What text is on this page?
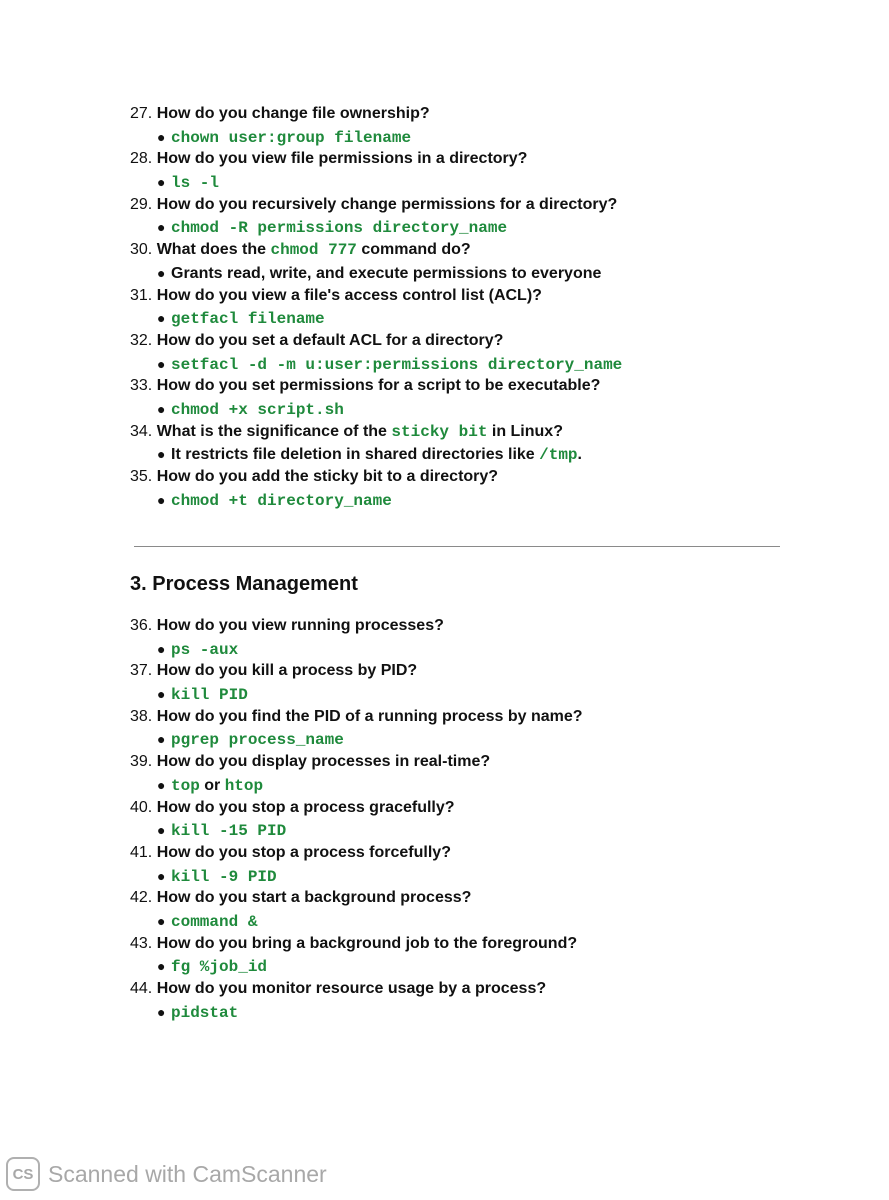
27. How do you change file ownership?
● chown user:group filename
28. How do you view file permissions in a directory?
● ls -l
29. How do you recursively change permissions for a directory?
● chmod -R permissions directory_name
30. What does the chmod 777 command do?
● Grants read, write, and execute permissions to everyone
31. How do you view a file's access control list (ACL)?
● getfacl filename
32. How do you set a default ACL for a directory?
● setfacl -d -m u:user:permissions directory_name
33. How do you set permissions for a script to be executable?
● chmod +x script.sh
34. What is the significance of the sticky bit in Linux?
● It restricts file deletion in shared directories like /tmp.
35. How do you add the sticky bit to a directory?
● chmod +t directory_name
3. Process Management
36. How do you view running processes?
● ps -aux
37. How do you kill a process by PID?
● kill PID
38. How do you find the PID of a running process by name?
● pgrep process_name
39. How do you display processes in real-time?
● top or htop
40. How do you stop a process gracefully?
● kill -15 PID
41. How do you stop a process forcefully?
● kill -9 PID
42. How do you start a background process?
● command &
43. How do you bring a background job to the foreground?
● fg %job_id
44. How do you monitor resource usage by a process?
● pidstat
CS Scanned with CamScanner
